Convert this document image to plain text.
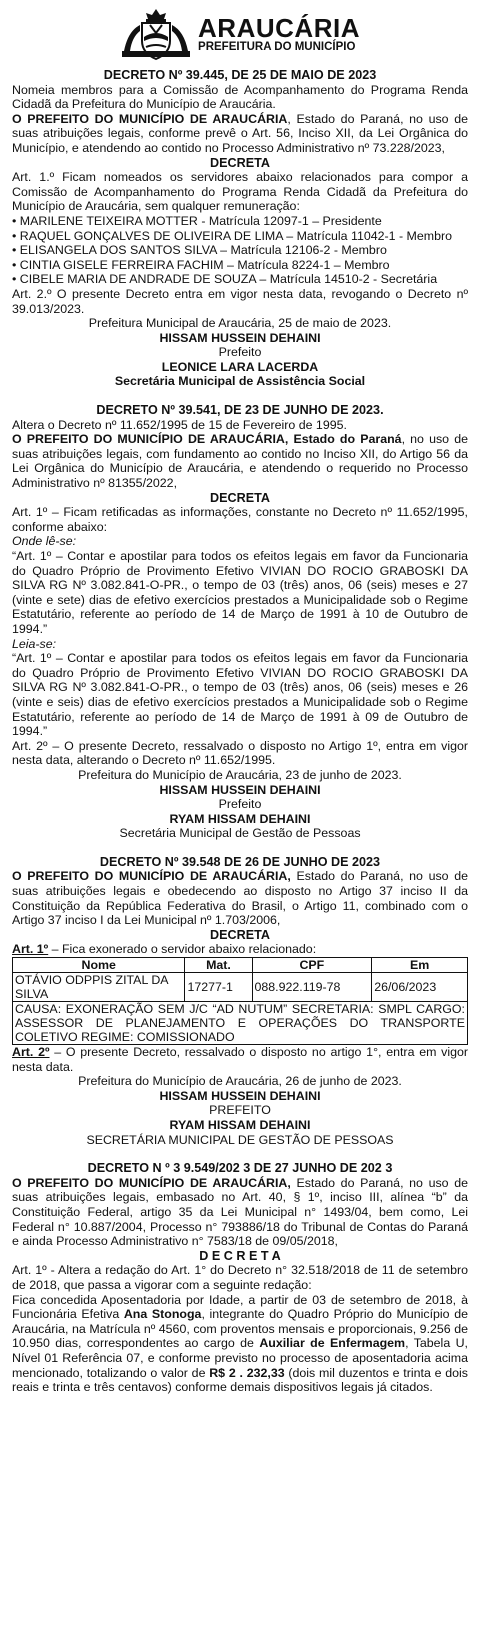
ARAUCÁRIA
PREFEITURA DO MUNICÍPIO

DECRETO Nº 39.445, DE 25 DE MAIO DE 2023

Nomeia membros para a Comissão de Acompanhamento do Programa Renda Cidadã da Prefeitura do Município de Araucária.

O PREFEITO DO MUNICÍPIO DE ARAUCÁRIA, Estado do Paraná, no uso de suas atribuições legais, conforme prevê o Art. 56, Inciso XII, da Lei Orgânica do Município, e atendendo ao contido no Processo Administrativo nº 73.228/2023,

DECRETA

Art. 1.º Ficam nomeados os servidores abaixo relacionados para compor a Comissão de Acompanhamento do Programa Renda Cidadã da Prefeitura do Município de Araucária, sem qualquer remuneração:

• MARILENE TEIXEIRA MOTTER - Matrícula 12097-1 – Presidente

• RAQUEL GONÇALVES DE OLIVEIRA DE LIMA – Matrícula 11042-1 - Membro

• ELISANGELA DOS SANTOS SILVA – Matrícula 12106-2 - Membro

• CINTIA GISELE FERREIRA FACHIM – Matrícula 8224-1 – Membro

• CIBELE MARIA DE ANDRADE DE SOUZA – Matrícula 14510-2 - Secretária

Art. 2.º O presente Decreto entra em vigor nesta data, revogando o Decreto nº 39.013/2023.

Prefeitura Municipal de Araucária, 25 de maio de 2023.

HISSAM HUSSEIN DEHAINI

Prefeito

LEONICE LARA LACERDA

Secretária Municipal de Assistência Social

DECRETO Nº 39.541, DE 23 DE JUNHO DE 2023.

Altera o Decreto nº 11.652/1995 de 15 de Fevereiro de 1995.

O PREFEITO DO MUNICÍPIO DE ARAUCÁRIA, Estado do Paraná, no uso de suas atribuições legais, com fundamento ao contido no Inciso XII, do Artigo 56 da Lei Orgânica do Município de Araucária, e atendendo o requerido no Processo Administrativo nº 81355/2022,

DECRETA

Art. 1º – Ficam retificadas as informações, constante no Decreto nº 11.652/1995, conforme abaixo:

Onde lê-se:

“Art. 1º – Contar e apostilar para todos os efeitos legais em favor da Funcionaria do Quadro Próprio de Provimento Efetivo VIVIAN DO ROCIO GRABOSKI DA SILVA RG Nº 3.082.841-O-PR., o tempo de 03 (três) anos, 06 (seis) meses e 27 (vinte e sete) dias de efetivo exercícios prestados a Municipalidade sob o Regime Estatutário, referente ao período de 14 de Março de 1991 à 10 de Outubro de 1994.”

Leia-se:

“Art. 1º – Contar e apostilar para todos os efeitos legais em favor da Funcionaria do Quadro Próprio de Provimento Efetivo VIVIAN DO ROCIO GRABOSKI DA SILVA RG Nº 3.082.841-O-PR., o tempo de 03 (três) anos, 06 (seis) meses e 26 (vinte e seis) dias de efetivo exercícios prestados a Municipalidade sob o Regime Estatutário, referente ao período de 14 de Março de 1991 à 09 de Outubro de 1994.”

Art. 2º – O presente Decreto, ressalvado o disposto no Artigo 1º, entra em vigor nesta data, alterando o Decreto nº 11.652/1995.

Prefeitura do Município de Araucária, 23 de junho de 2023.

HISSAM HUSSEIN DEHAINI

Prefeito

RYAM HISSAM DEHAINI

Secretária Municipal de Gestão de Pessoas

DECRETO Nº 39.548 DE 26 DE JUNHO DE 2023

O PREFEITO DO MUNICÍPIO DE ARAUCÁRIA, Estado do Paraná, no uso de suas atribuições legais e obedecendo ao disposto no Artigo 37 inciso II da Constituição da República Federativa do Brasil, o Artigo 11, combinado com o Artigo 37 inciso I da Lei Municipal nº 1.703/2006,

DECRETA

Art. 1º – Fica exonerado o servidor abaixo relacionado:

Nome	Mat.	CPF	Em
OTÁVIO ODPPIS ZITAL DA SILVA	17277-1	088.922.119-78	26/06/2023
CAUSA: EXONERAÇÃO SEM J/C “AD NUTUM” SECRETARIA: SMPL CARGO: ASSESSOR DE PLANEJAMENTO E OPERAÇÕES DO TRANSPORTE COLETIVO REGIME: COMISSIONADO			

Art. 2º – O presente Decreto, ressalvado o disposto no artigo 1°, entra em vigor nesta data.

Prefeitura do Município de Araucária, 26 de junho de 2023.

HISSAM HUSSEIN DEHAINI

PREFEITO

RYAM HISSAM DEHAINI

SECRETÁRIA MUNICIPAL DE GESTÃO DE PESSOAS

DECRETO N º 3 9.549/202 3 DE 27 JUNHO DE 202 3

O PREFEITO DO MUNICÍPIO DE ARAUCÁRIA, Estado do Paraná, no uso de suas atribuições legais, embasado no Art. 40, § 1º, inciso III, alínea “b” da Constituição Federal, artigo 35 da Lei Municipal n° 1493/04, bem como, Lei Federal n° 10.887/2004, Processo n° 793886/18 do Tribunal de Contas do Paraná e ainda Processo Administrativo n° 7583/18 de 09/05/2018,

D E C R E T A

Art. 1º - Altera a redação do Art. 1° do Decreto n° 32.518/2018 de 11 de setembro de 2018, que passa a vigorar com a seguinte redação:

Fica concedida Aposentadoria por Idade, a partir de 03 de setembro de 2018, à Funcionária Efetiva Ana Stonoga, integrante do Quadro Próprio do Município de Araucária, na Matrícula nº 4560, com proventos mensais e proporcionais, 9.256 de 10.950 dias, correspondentes ao cargo de Auxiliar de Enfermagem, Tabela U, Nível 01 Referência 07, e conforme previsto no processo de aposentadoria acima mencionado, totalizando o valor de R$ 2 . 232,33 (dois mil duzentos e trinta e dois reais e trinta e três centavos) conforme demais dispositivos legais já citados.
